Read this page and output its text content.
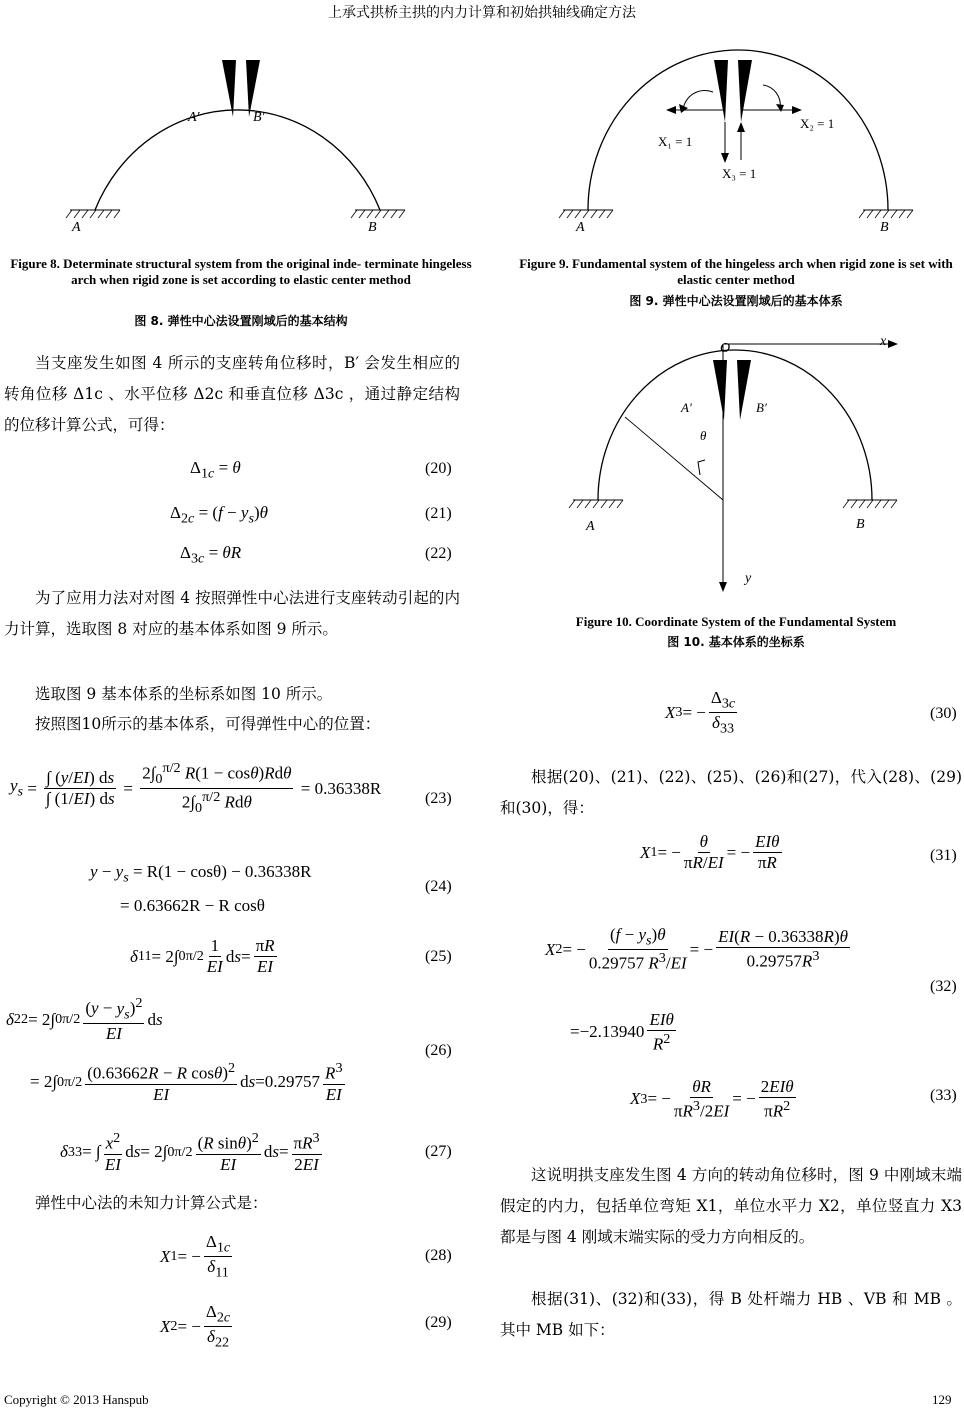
上承式拱桥主拱的内力计算和初始拱轴线确定方法
A′	B′
A	B
Figure 8. Determinate structural system from the original inde- terminate hingeless arch when rigid zone is set according to elastic center method
图 8. 弹性中心法设置刚域后的基本结构
X₁ = 1
X₂ = 1
X₃ = 1
A	B
Figure 9. Fundamental system of the hingeless arch when rigid zone is set with elastic center method
图 9. 弹性中心法设置刚域后的基本体系
O	x
y
A′	B′
θ
A	B
Figure 10. Coordinate System of the Fundamental System
图 10. 基本体系的坐标系
当支座发生如图 4 所示的支座转角位移时，B′ 会发生相应的转角位移 Δ1c 、水平位移 Δ2c 和垂直位移 Δ3c ，通过静定结构的位移计算公式，可得：
$\Delta_{1c} = \theta$	(20)
$\Delta_{2c} = (f - y_s)\theta$	(21)
$\Delta_{3c} = \theta R$	(22)
为了应用力法对对图 4 按照弹性中心法进行支座转动引起的内力计算，选取图 8 对应的基本体系如图 9 所示。
选取图 9 基本体系的坐标系如图 10 所示。
按照图10所示的基本体系，可得弹性中心的位置：
$y_s = \frac{\int (y/EI) ds}{\int (1/EI) ds} = \frac{2\int_0^{\pi/2} R(1 - \cos\theta)Rd\theta}{2\int_0^{\pi/2} Rd\theta} = 0.36338R$
(23)
$y - y_s = R(1 - \cos\theta) - 0.36338R$
= 0.63662R − R cosθ
(24)
δ 11 = 2∫ 0 $\pi/2 \frac{1}{EI}$ d $s = \frac{\pi R}{EI}$	(25)
δ 22 = 2∫ 0 $\pi/2 \frac{(y - y_s)^2}{EI}$ d s
= 2∫ 0 $\pi/2 \frac{(0.63662R - R \cos\theta)^2}{EI}$ d $s = 0.29757 \frac{R^3}{EI}$
(26)
δ 33 = ∫ $\frac{x^2}{EI}$ d s = 2∫ 0 $\pi/2 \frac{(R \sin\theta)^2}{EI}$ d $s = \frac{\pi R^3}{2EI}$	(27)
弹性中心法的未知力计算公式是：
X 1 = − $\frac{\Delta_{1c}}{\delta_{11}}$	(28)
X 2 = − $\frac{\Delta_{2c}}{\delta_{22}}$	(29)
X 3 = − $\frac{\Delta_{3c}}{\delta_{33}}$	(30)
根据(20)、(21)、(22)、(25)、(26)和(27)，代入(28)、(29)和(30)，得：
X 1 = − $\frac{\theta}{\pi R/EI}$ = − $\frac{\text{EIθ}}{\pi R}$	(31)
X 2 = − $\frac{(f - y_s)\theta}{0.29757 R^3/EI}$ = − $\frac{EI(R - 0.36338R)\theta}{0.29757R^3}$
= $-2.13940 \frac{\text{EIθ}}{R^2}$
(32)
X 3 = − $\frac{\theta R}{\pi R^3/2EI}$ = − $\frac{\text{2EIθ}}{\pi R^2}$	(33)
这说明拱支座发生图 4 方向的转动角位移时，图 9 中刚域末端假定的内力，包括单位弯矩 X1，单位水平力 X2，单位竖直力 X3 都是与图 4 刚域末端实际的受力方向相反的。
根据(31)、(32)和(33)，得 B 处杆端力 HB 、VB 和 MB 。其中 MB 如下：
Copyright © 2013 Hanspub	129
